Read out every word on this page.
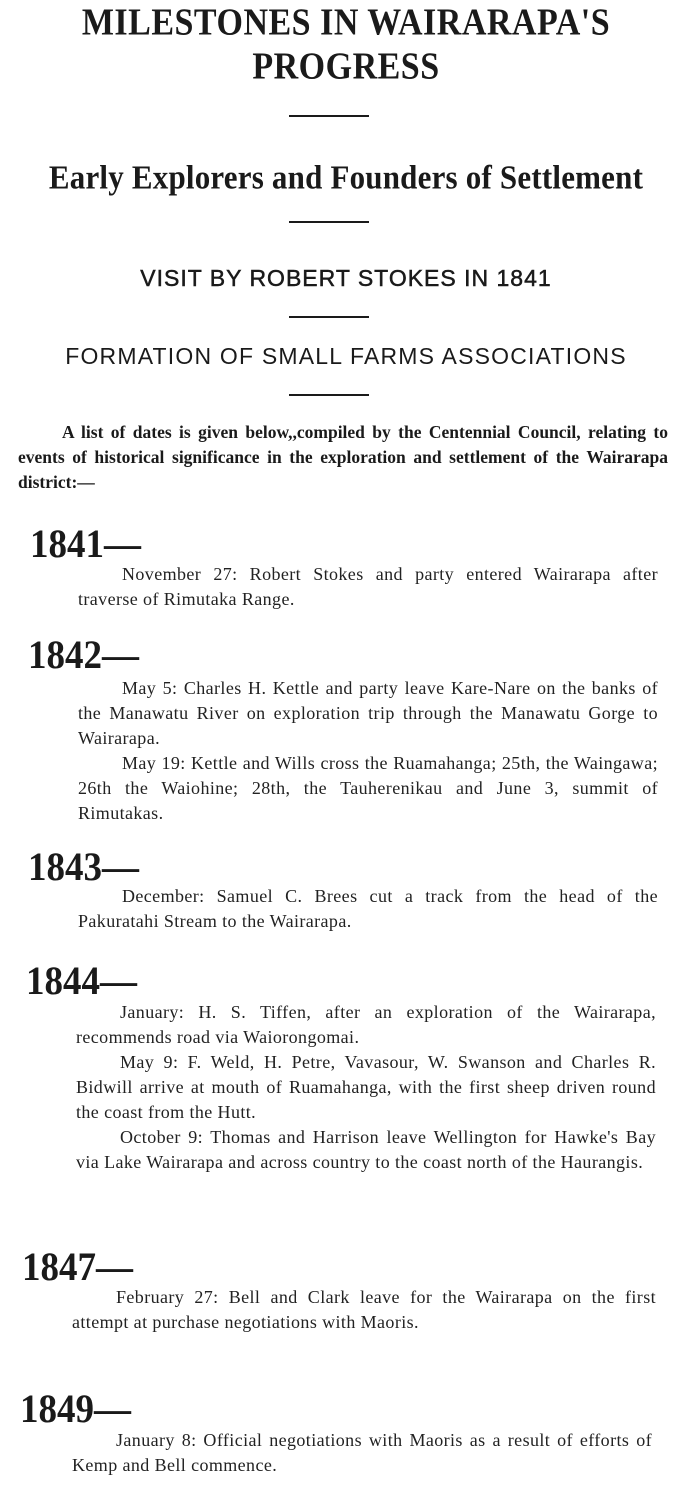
MILESTONES IN WAIRARAPA'S
PROGRESS
Early Explorers and Founders of Settlement
VISIT BY ROBERT STOKES IN 1841
FORMATION OF SMALL FARMS ASSOCIATIONS

A list of dates is given below,,compiled by the Centennial Council, relating to events of historical significance in the exploration and settlement of the Wairarapa district:—

1841—

November 27: Robert Stokes and party entered Wairarapa after traverse of Rimutaka Range.

1842—

May 5: Charles H. Kettle and party leave Kare-Nare on the banks of the Manawatu River on exploration trip through the Manawatu Gorge to Wairarapa.

May 19: Kettle and Wills cross the Ruamahanga; 25th, the Waingawa; 26th the Waiohine; 28th, the Tauherenikau and June 3, summit of Rimutakas.

1843—

December: Samuel C. Brees cut a track from the head of the Pakuratahi Stream to the Wairarapa.

1844—

January: H. S. Tiffen, after an exploration of the Wairarapa, recommends road via Waiorongomai.

May 9: F. Weld, H. Petre, Vavasour, W. Swanson and Charles R. Bidwill arrive at mouth of Ruamahanga, with the first sheep driven round the coast from the Hutt.

October 9: Thomas and Harrison leave Wellington for Hawke's Bay via Lake Wairarapa and across country to the coast north of the Haurangis.

1847—

February 27: Bell and Clark leave for the Wairarapa on the first attempt at purchase negotiations with Maoris.

1849—

January 8: Official negotiations with Maoris as a result of efforts of Kemp and Bell commence.
